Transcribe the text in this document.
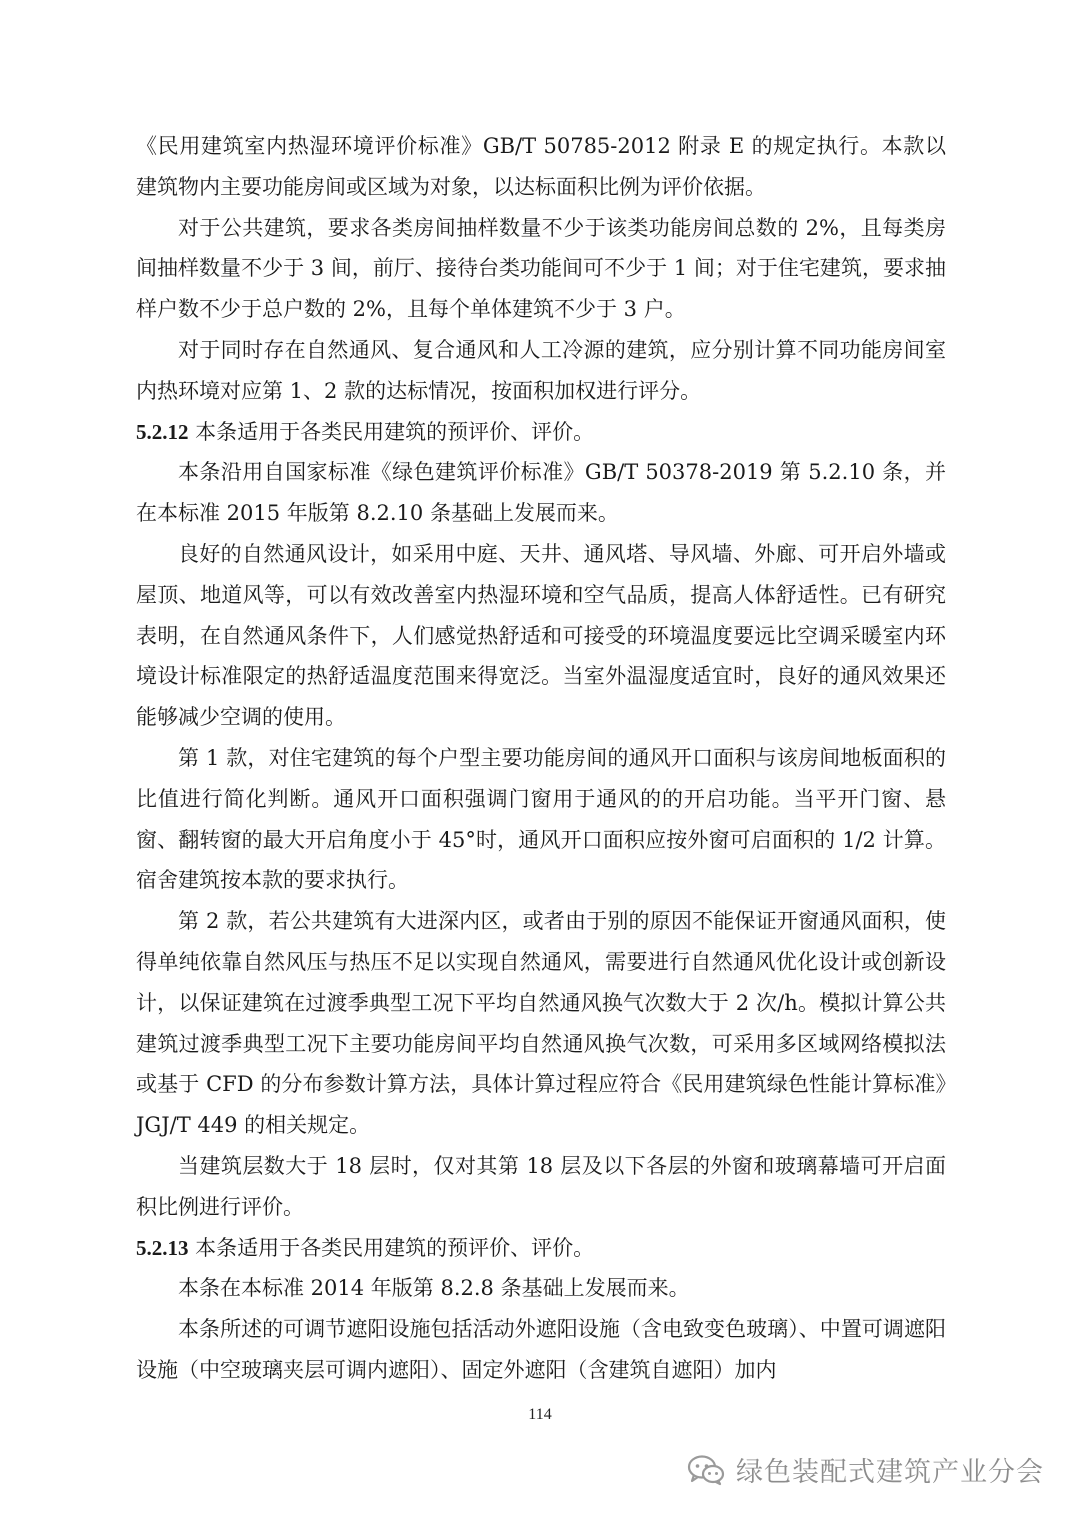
《民用建筑室内热湿环境评价标准》GB/T 50785-2012 附录 E 的规定执行。本款以建筑物内主要功能房间或区域为对象，以达标面积比例为评价依据。

对于公共建筑，要求各类房间抽样数量不少于该类功能房间总数的 2%，且每类房间抽样数量不少于 3 间，前厅、接待台类功能间可不少于 1 间；对于住宅建筑，要求抽样户数不少于总户数的 2%，且每个单体建筑不少于 3 户。

对于同时存在自然通风、复合通风和人工冷源的建筑，应分别计算不同功能房间室内热环境对应第 1、2 款的达标情况，按面积加权进行评分。

5.2.12 本条适用于各类民用建筑的预评价、评价。

本条沿用自国家标准《绿色建筑评价标准》GB/T 50378-2019 第 5.2.10 条，并在本标准 2015 年版第 8.2.10 条基础上发展而来。

良好的自然通风设计，如采用中庭、天井、通风塔、导风墙、外廊、可开启外墙或屋顶、地道风等，可以有效改善室内热湿环境和空气品质，提高人体舒适性。已有研究表明，在自然通风条件下，人们感觉热舒适和可接受的环境温度要远比空调采暖室内环境设计标准限定的热舒适温度范围来得宽泛。当室外温湿度适宜时，良好的通风效果还能够减少空调的使用。

第 1 款，对住宅建筑的每个户型主要功能房间的通风开口面积与该房间地板面积的比值进行简化判断。通风开口面积强调门窗用于通风的的开启功能。当平开门窗、悬窗、翻转窗的最大开启角度小于 45°时，通风开口面积应按外窗可启面积的 1/2 计算。宿舍建筑按本款的要求执行。

第 2 款，若公共建筑有大进深内区，或者由于别的原因不能保证开窗通风面积，使得单纯依靠自然风压与热压不足以实现自然通风，需要进行自然通风优化设计或创新设计，以保证建筑在过渡季典型工况下平均自然通风换气次数大于 2 次/h。模拟计算公共建筑过渡季典型工况下主要功能房间平均自然通风换气次数，可采用多区域网络模拟法或基于 CFD 的分布参数计算方法，具体计算过程应符合《民用建筑绿色性能计算标准》JGJ/T 449 的相关规定。

当建筑层数大于 18 层时，仅对其第 18 层及以下各层的外窗和玻璃幕墙可开启面积比例进行评价。

5.2.13 本条适用于各类民用建筑的预评价、评价。

本条在本标准 2014 年版第 8.2.8 条基础上发展而来。

本条所述的可调节遮阳设施包括活动外遮阳设施（含电致变色玻璃）、中置可调遮阳设施（中空玻璃夹层可调内遮阳）、固定外遮阳（含建筑自遮阳）加内

114
绿色装配式建筑产业分会
